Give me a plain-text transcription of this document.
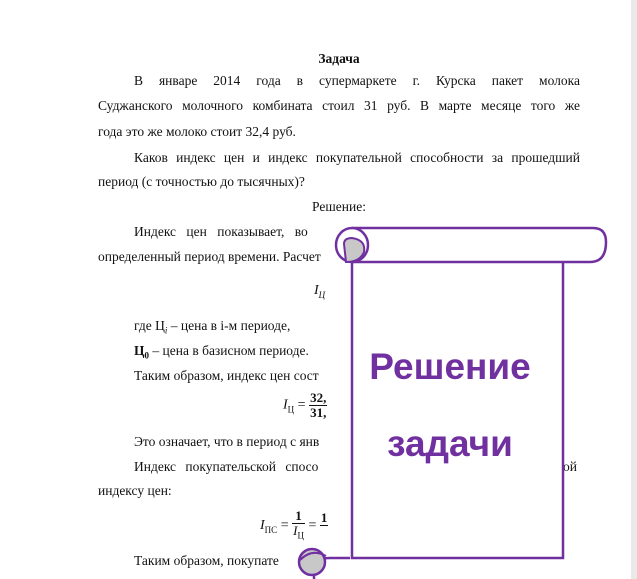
Задача
В январе 2014 года в супермаркете г. Курска пакет молока
Суджанского молочного комбината стоил 31 руб. В марте месяце того же
года это же молоко стоит 32,4 руб.
Каков индекс цен и индекс покупательной способности за прошедший
период (с точностью до тысячных)?
Решение:
Индекс цен показывает, во
определенный период времени. Расчет
$I_Ц$
где $Ц_i$ – цена в i-м периоде,
$Ц_0$ – цена в базисном периоде.
Таким образом, индекс цен сост
$I_Ц = \frac{32,}{31,}$
Это означает, что в период с янв
Индекс покупательской спосо	ой
индексу цен:
$I_{ПС} = \frac{1}{I_Ц}$ =
1

Таким образом, покупате
Решение
задачи
